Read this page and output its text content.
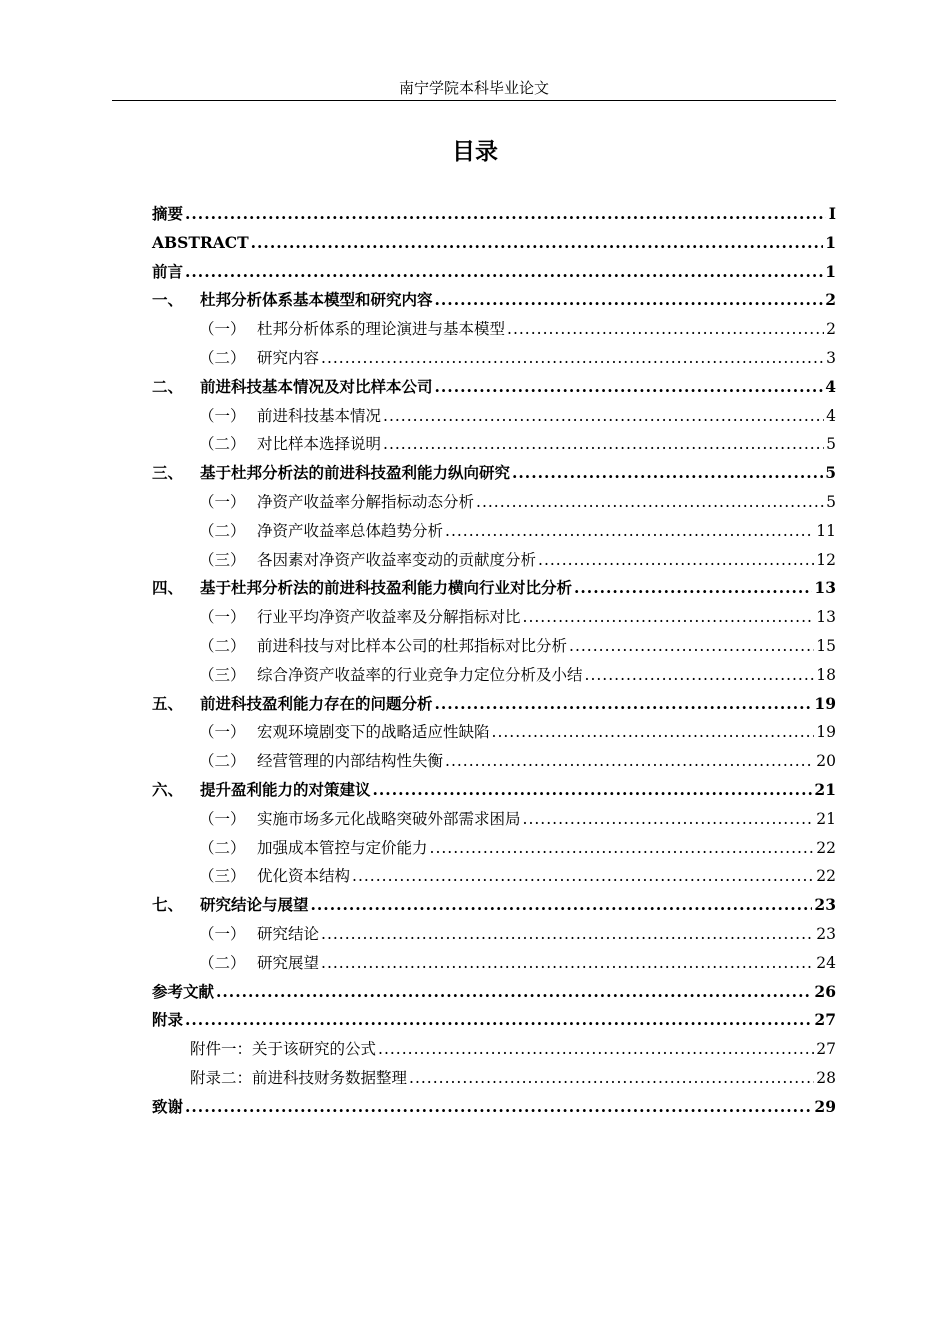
南宁学院本科毕业论文
目录
摘要 .....	I
ABSTRACT .....	1
前言 .....	1
一、	杜邦分析体系基本模型和研究内容 .....	2
（一） 杜邦分析体系的理论演进与基本模型 .....	2
（二） 研究内容 .....	3
二、	前进科技基本情况及对比样本公司 .....	4
（一） 前进科技基本情况 .....	4
（二） 对比样本选择说明 .....	5
三、	基于杜邦分析法的前进科技盈利能力纵向研究 .....	5
（一） 净资产收益率分解指标动态分析 .....	5
（二） 净资产收益率总体趋势分析 .....	11
（三） 各因素对净资产收益率变动的贡献度分析 .....	12
四、	基于杜邦分析法的前进科技盈利能力横向行业对比分析 .....	13
（一） 行业平均净资产收益率及分解指标对比 .....	13
（二） 前进科技与对比样本公司的杜邦指标对比分析 .....	15
（三） 综合净资产收益率的行业竞争力定位分析及小结 .....	18
五、	前进科技盈利能力存在的问题分析 .....	19
（一） 宏观环境剧变下的战略适应性缺陷 .....	19
（二） 经营管理的内部结构性失衡 .....	20
六、	提升盈利能力的对策建议 .....	21
（一） 实施市场多元化战略突破外部需求困局 .....	21
（二） 加强成本管控与定价能力 .....	22
（三） 优化资本结构 .....	22
七、	研究结论与展望 .....	23
（一） 研究结论 .....	23
（二） 研究展望 .....	24
参考文献 .....	26
附录 .....	27
附件一：关于该研究的公式 .....	27
附录二：前进科技财务数据整理 .....	28
致谢 .....	29
